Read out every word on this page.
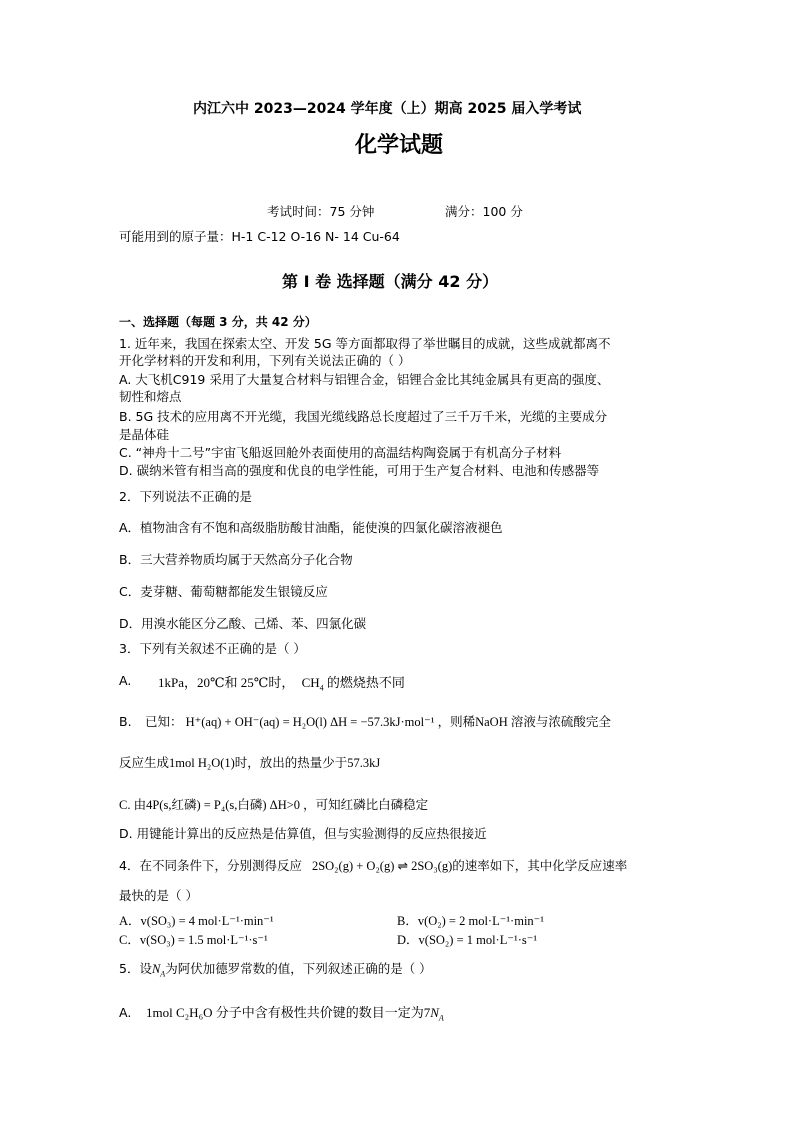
内江六中 2023—2024 学年度（上）期高 2025 届入学考试
化学试题
考试时间：75 分钟	满分：100 分
可能用到的原子量：H-1 C-12 O-16 N- 14 Cu-64
第 I 卷 选择题（满分 42 分）
一、选择题（每题 3 分，共 42 分）
1. 近年来，我国在探索太空、开发 5G 等方面都取得了举世瞩目的成就，这些成就都离不
开化学材料的开发和利用，下列有关说法正确的（ ）
A. 大飞机C919 采用了大量复合材料与铝锂合金，铝锂合金比其纯金属具有更高的强度、
韧性和熔点
B. 5G 技术的应用离不开光缆，我国光缆线路总长度超过了三千万千米，光缆的主要成分
是晶体硅
C. “神舟十二号”宇宙飞船返回舱外表面使用的高温结构陶瓷属于有机高分子材料
D. 碳纳米管有相当高的强度和优良的电学性能，可用于生产复合材料、电池和传感器等
2．下列说法不正确的是
A．植物油含有不饱和高级脂肪酸甘油酯，能使溴的四氯化碳溶液褪色
B．三大营养物质均属于天然高分子化合物
C．麦芽糖、葡萄糖都能发生银镜反应
D．用溴水能区分乙酸、己烯、苯、四氯化碳
3．下列有关叙述不正确的是（ ）
A. 1kPa，20℃和 25℃时， $CH_4$ 的燃烧热不同
B. 已知： H⁺(aq) + OH⁻(aq) = H₂O(l) ΔH = −57.3kJ·mol⁻¹ ，则稀NaOH 溶液与浓硫酸完全
反应生成1mol H₂O(1)时，放出的热量少于57.3kJ
C. 由4P(s,红磷) = P₄(s,白磷) ΔH>0 ，可知红磷比白磷稳定
D. 用键能计算出的反应热是估算值，但与实验测得的反应热很接近
4．在不同条件下，分别测得反应 2SO₂(g) + O₂(g) ⇌ 2SO₃(g)的速率如下，其中化学反应速率
最快的是（ ）
A．v(SO₃) = 4 mol·L⁻¹·min⁻¹	B．v(O₂) = 2 mol·L⁻¹·min⁻¹
C．v(SO₃) = 1.5 mol·L⁻¹·s⁻¹	D．v(SO₂) = 1 mol·L⁻¹·s⁻¹
5．设$N_A$为阿伏加德罗常数的值，下列叙述正确的是（ ）
A. 1mol C₂H₆O 分子中含有极性共价键的数目一定为$7N_A$
